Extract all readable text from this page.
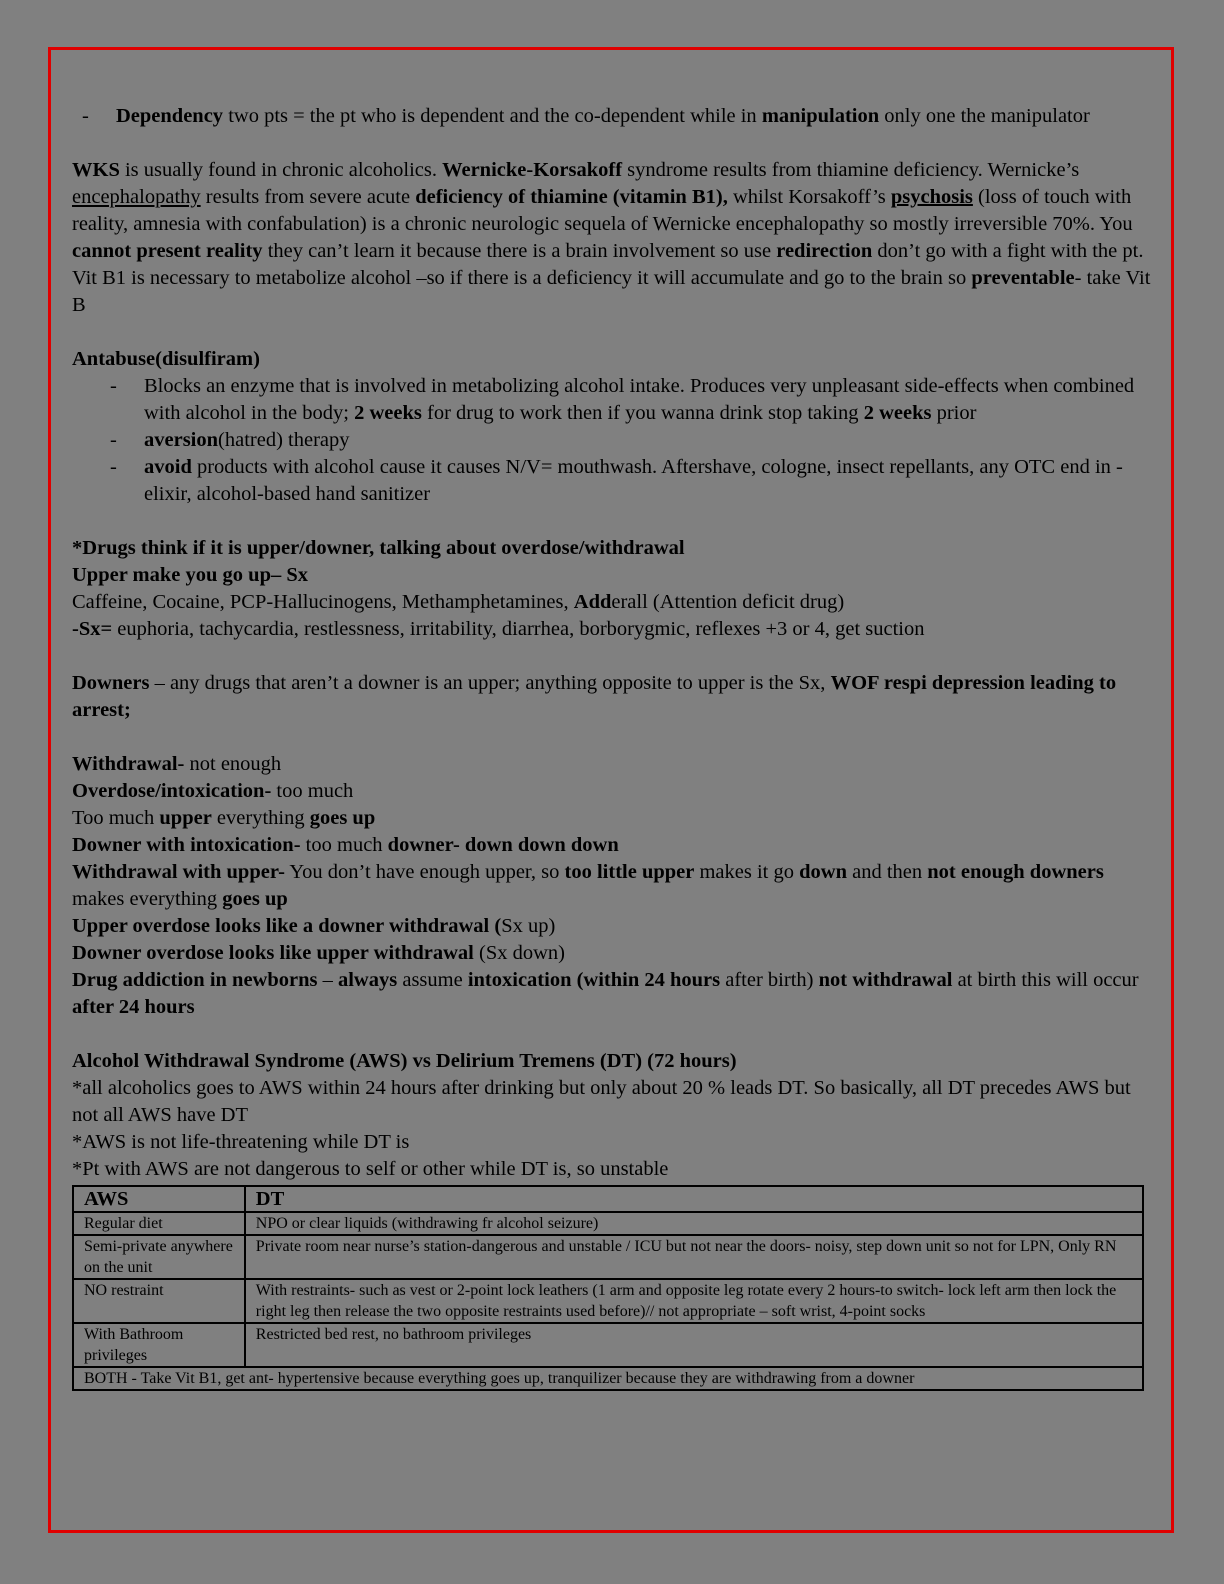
- Dependency two pts = the pt who is dependent and the co-dependent while in manipulation only one the manipulator

WKS is usually found in chronic alcoholics. Wernicke-Korsakoff syndrome results from thiamine deficiency. Wernicke’s encephalopathy results from severe acute deficiency of thiamine (vitamin B1), whilst Korsakoff’s psychosis (loss of touch with reality, amnesia with confabulation) is a chronic neurologic sequela of Wernicke encephalopathy so mostly irreversible 70%. You cannot present reality they can’t learn it because there is a brain involvement so use redirection don’t go with a fight with the pt. Vit B1 is necessary to metabolize alcohol –so if there is a deficiency it will accumulate and go to the brain so preventable- take Vit B

Antabuse(disulfiram)

- Blocks an enzyme that is involved in metabolizing alcohol intake. Produces very unpleasant side-effects when combined with alcohol in the body; 2 weeks for drug to work then if you wanna drink stop taking 2 weeks prior
- aversion(hatred) therapy
- avoid products with alcohol cause it causes N/V= mouthwash. Aftershave, cologne, insect repellants, any OTC end in -elixir, alcohol-based hand sanitizer

*Drugs think if it is upper/downer, talking about overdose/withdrawal

Upper make you go up– Sx

Caffeine, Cocaine, PCP-Hallucinogens, Methamphetamines, Adderall (Attention deficit drug)

-Sx= euphoria, tachycardia, restlessness, irritability, diarrhea, borborygmic, reflexes +3 or 4, get suction

Downers – any drugs that aren’t a downer is an upper; anything opposite to upper is the Sx, WOF respi depression leading to arrest;

Withdrawal- not enough

Overdose/intoxication- too much

Too much upper everything goes up

Downer with intoxication- too much downer- down down down

Withdrawal with upper- You don’t have enough upper, so too little upper makes it go down and then not enough downers makes everything goes up

Upper overdose looks like a downer withdrawal (Sx up)

Downer overdose looks like upper withdrawal (Sx down)

Drug addiction in newborns – always assume intoxication (within 24 hours after birth) not withdrawal at birth this will occur after 24 hours

Alcohol Withdrawal Syndrome (AWS) vs Delirium Tremens (DT) (72 hours)

*all alcoholics goes to AWS within 24 hours after drinking but only about 20 % leads DT. So basically, all DT precedes AWS but not all AWS have DT

*AWS is not life-threatening while DT is

*Pt with AWS are not dangerous to self or other while DT is, so unstable

AWS	DT
Regular diet	NPO or clear liquids (withdrawing fr alcohol seizure)
Semi-private anywhere on the unit	Private room near nurse’s station-dangerous and unstable / ICU but not near the doors- noisy, step down unit so not for LPN, Only RN
NO restraint	With restraints- such as vest or 2-point lock leathers (1 arm and opposite leg rotate every 2 hours-to switch- lock left arm then lock the right leg then release the two opposite restraints used before)// not appropriate – soft wrist, 4-point socks
With Bathroom privileges	Restricted bed rest, no bathroom privileges
BOTH - Take Vit B1, get ant- hypertensive because everything goes up, tranquilizer because they are withdrawing from a downer	
